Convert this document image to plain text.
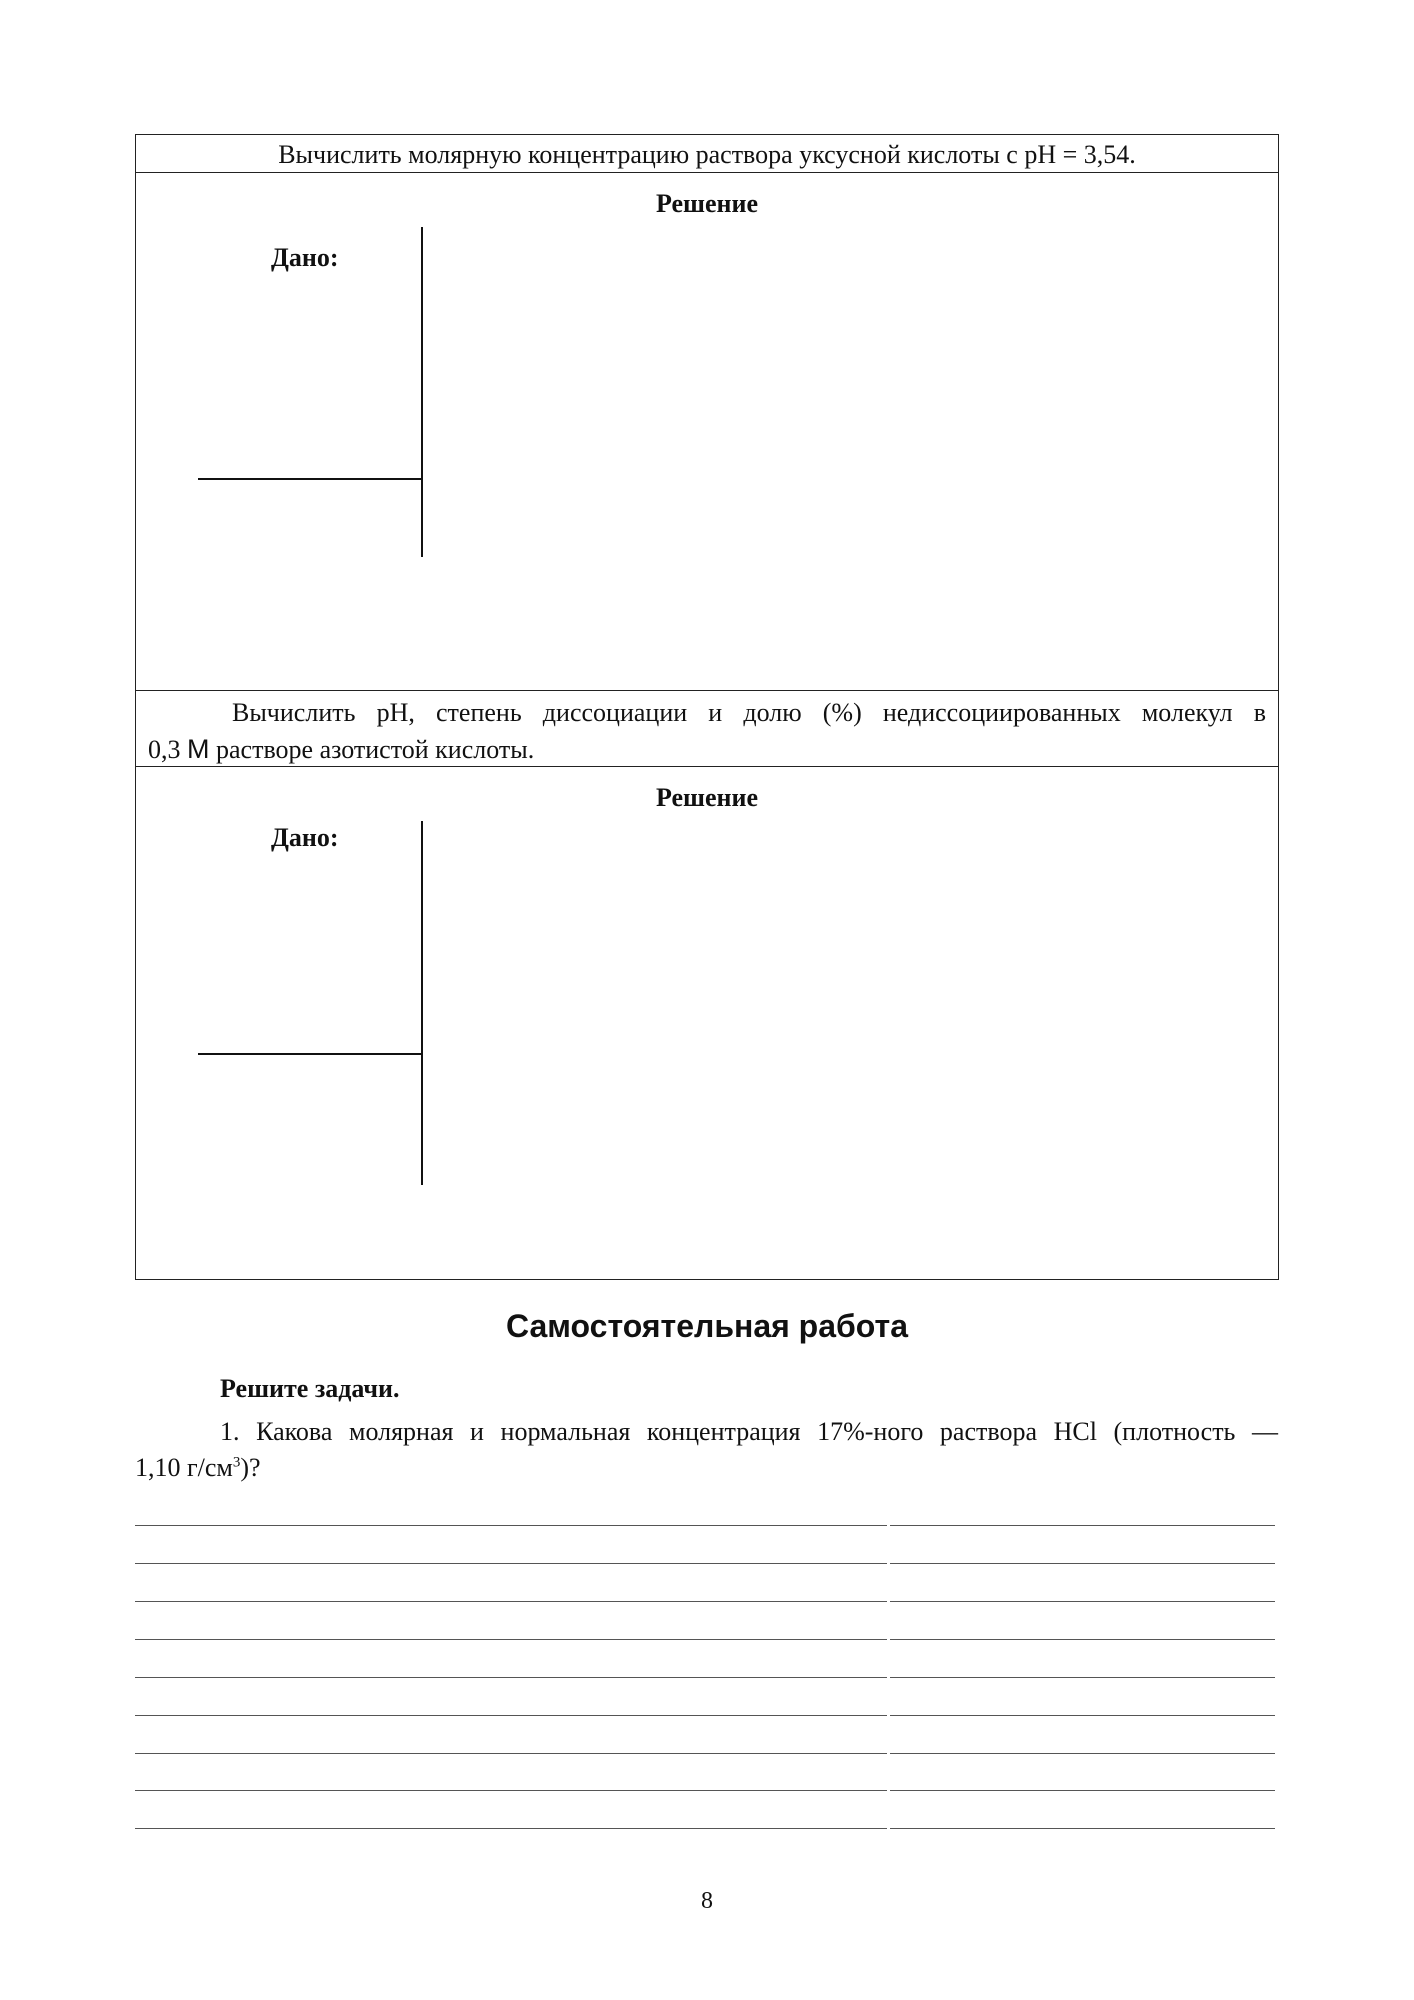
Вычислить молярную концентрацию раствора уксусной кислоты с pH = 3,54.
Решение
Дано:
Вычислить pH, степень диссоциации и долю (%) недиссоциированных молекул в
0,3 М растворе азотистой кислоты.
Решение
Дано:
Самостоятельная работа
Решите задачи.
1. Какова молярная и нормальная концентрация 17%-ного раствора HCl (плотность —
1,10 $г/см^3$)?
8
